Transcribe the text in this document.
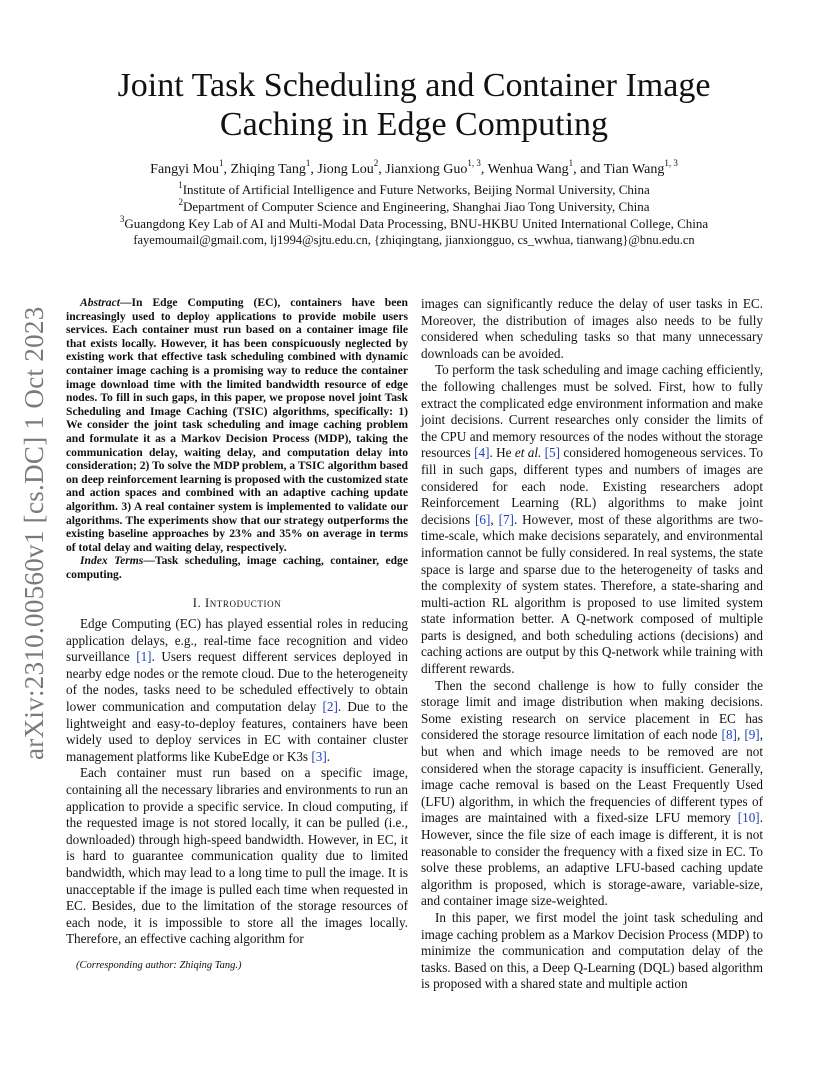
Joint Task Scheduling and Container Image
Caching in Edge Computing
Fangyi Mou$^1$, Zhiqing Tang$^1$, Jiong Lou$^2$, Jianxiong Guo$^{1, 3}$, Wenhua Wang$^1$, and Tian Wang$^{1, 3}$
$^1$Institute of Artificial Intelligence and Future Networks, Beijing Normal University, China
$^2$Department of Computer Science and Engineering, Shanghai Jiao Tong University, China
$^3$Guangdong Key Lab of AI and Multi-Modal Data Processing, BNU-HKBU United International College, China
fayemoumail@gmail.com, lj1994@sjtu.edu.cn, {zhiqingtang, jianxiongguo, cs_wwhua, tianwang}@bnu.edu.cn
arXiv:2310.00560v1 [cs.DC] 1 Oct 2023

Abstract—In Edge Computing (EC), containers have been increasingly used to deploy applications to provide mobile users services. Each container must run based on a container image file that exists locally. However, it has been conspicuously neglected by existing work that effective task scheduling combined with dynamic container image caching is a promising way to reduce the container image download time with the limited bandwidth resource of edge nodes. To fill in such gaps, in this paper, we propose novel joint Task Scheduling and Image Caching (TSIC) algorithms, specifically: 1) We consider the joint task scheduling and image caching problem and formulate it as a Markov Decision Process (MDP), taking the communication delay, waiting delay, and computation delay into consideration; 2) To solve the MDP problem, a TSIC algorithm based on deep reinforcement learning is proposed with the customized state and action spaces and combined with an adaptive caching update algorithm. 3) A real container system is implemented to validate our algorithms. The experiments show that our strategy outperforms the existing baseline approaches by 23% and 35% on average in terms of total delay and waiting delay, respectively.

Index Terms—Task scheduling, image caching, container, edge computing.

I. Introduction

Edge Computing (EC) has played essential roles in reducing application delays, e.g., real-time face recognition and video surveillance [1]. Users request different services deployed in nearby edge nodes or the remote cloud. Due to the heterogeneity of the nodes, tasks need to be scheduled effectively to obtain lower communication and computation delay [2]. Due to the lightweight and easy-to-deploy features, containers have been widely used to deploy services in EC with container cluster management platforms like KubeEdge or K3s [3].

Each container must run based on a specific image, containing all the necessary libraries and environments to run an application to provide a specific service. In cloud computing, if the requested image is not stored locally, it can be pulled (i.e., downloaded) through high-speed bandwidth. However, in EC, it is hard to guarantee communication quality due to limited bandwidth, which may lead to a long time to pull the image. It is unacceptable if the image is pulled each time when requested in EC. Besides, due to the limitation of the storage resources of each node, it is impossible to store all the images locally. Therefore, an effective caching algorithm for

(Corresponding author: Zhiqing Tang.)

images can significantly reduce the delay of user tasks in EC. Moreover, the distribution of images also needs to be fully considered when scheduling tasks so that many unnecessary downloads can be avoided.

To perform the task scheduling and image caching efficiently, the following challenges must be solved. First, how to fully extract the complicated edge environment information and make joint decisions. Current researches only consider the limits of the CPU and memory resources of the nodes without the storage resources [4]. He et al. [5] considered homogeneous services. To fill in such gaps, different types and numbers of images are considered for each node. Existing researchers adopt Reinforcement Learning (RL) algorithms to make joint decisions [6], [7]. However, most of these algorithms are two-time-scale, which make decisions separately, and environmental information cannot be fully considered. In real systems, the state space is large and sparse due to the heterogeneity of tasks and the complexity of system states. Therefore, a state-sharing and multi-action RL algorithm is proposed to use limited system state information better. A Q-network composed of multiple parts is designed, and both scheduling actions (decisions) and caching actions are output by this Q-network while training with different rewards.

Then the second challenge is how to fully consider the storage limit and image distribution when making decisions. Some existing research on service placement in EC has considered the storage resource limitation of each node [8], [9], but when and which image needs to be removed are not considered when the storage capacity is insufficient. Generally, image cache removal is based on the Least Frequently Used (LFU) algorithm, in which the frequencies of different types of images are maintained with a fixed-size LFU memory [10]. However, since the file size of each image is different, it is not reasonable to consider the frequency with a fixed size in EC. To solve these problems, an adaptive LFU-based caching update algorithm is proposed, which is storage-aware, variable-size, and container image size-weighted.

In this paper, we first model the joint task scheduling and image caching problem as a Markov Decision Process (MDP) to minimize the communication and computation delay of the tasks. Based on this, a Deep Q-Learning (DQL) based algorithm is proposed with a shared state and multiple action
